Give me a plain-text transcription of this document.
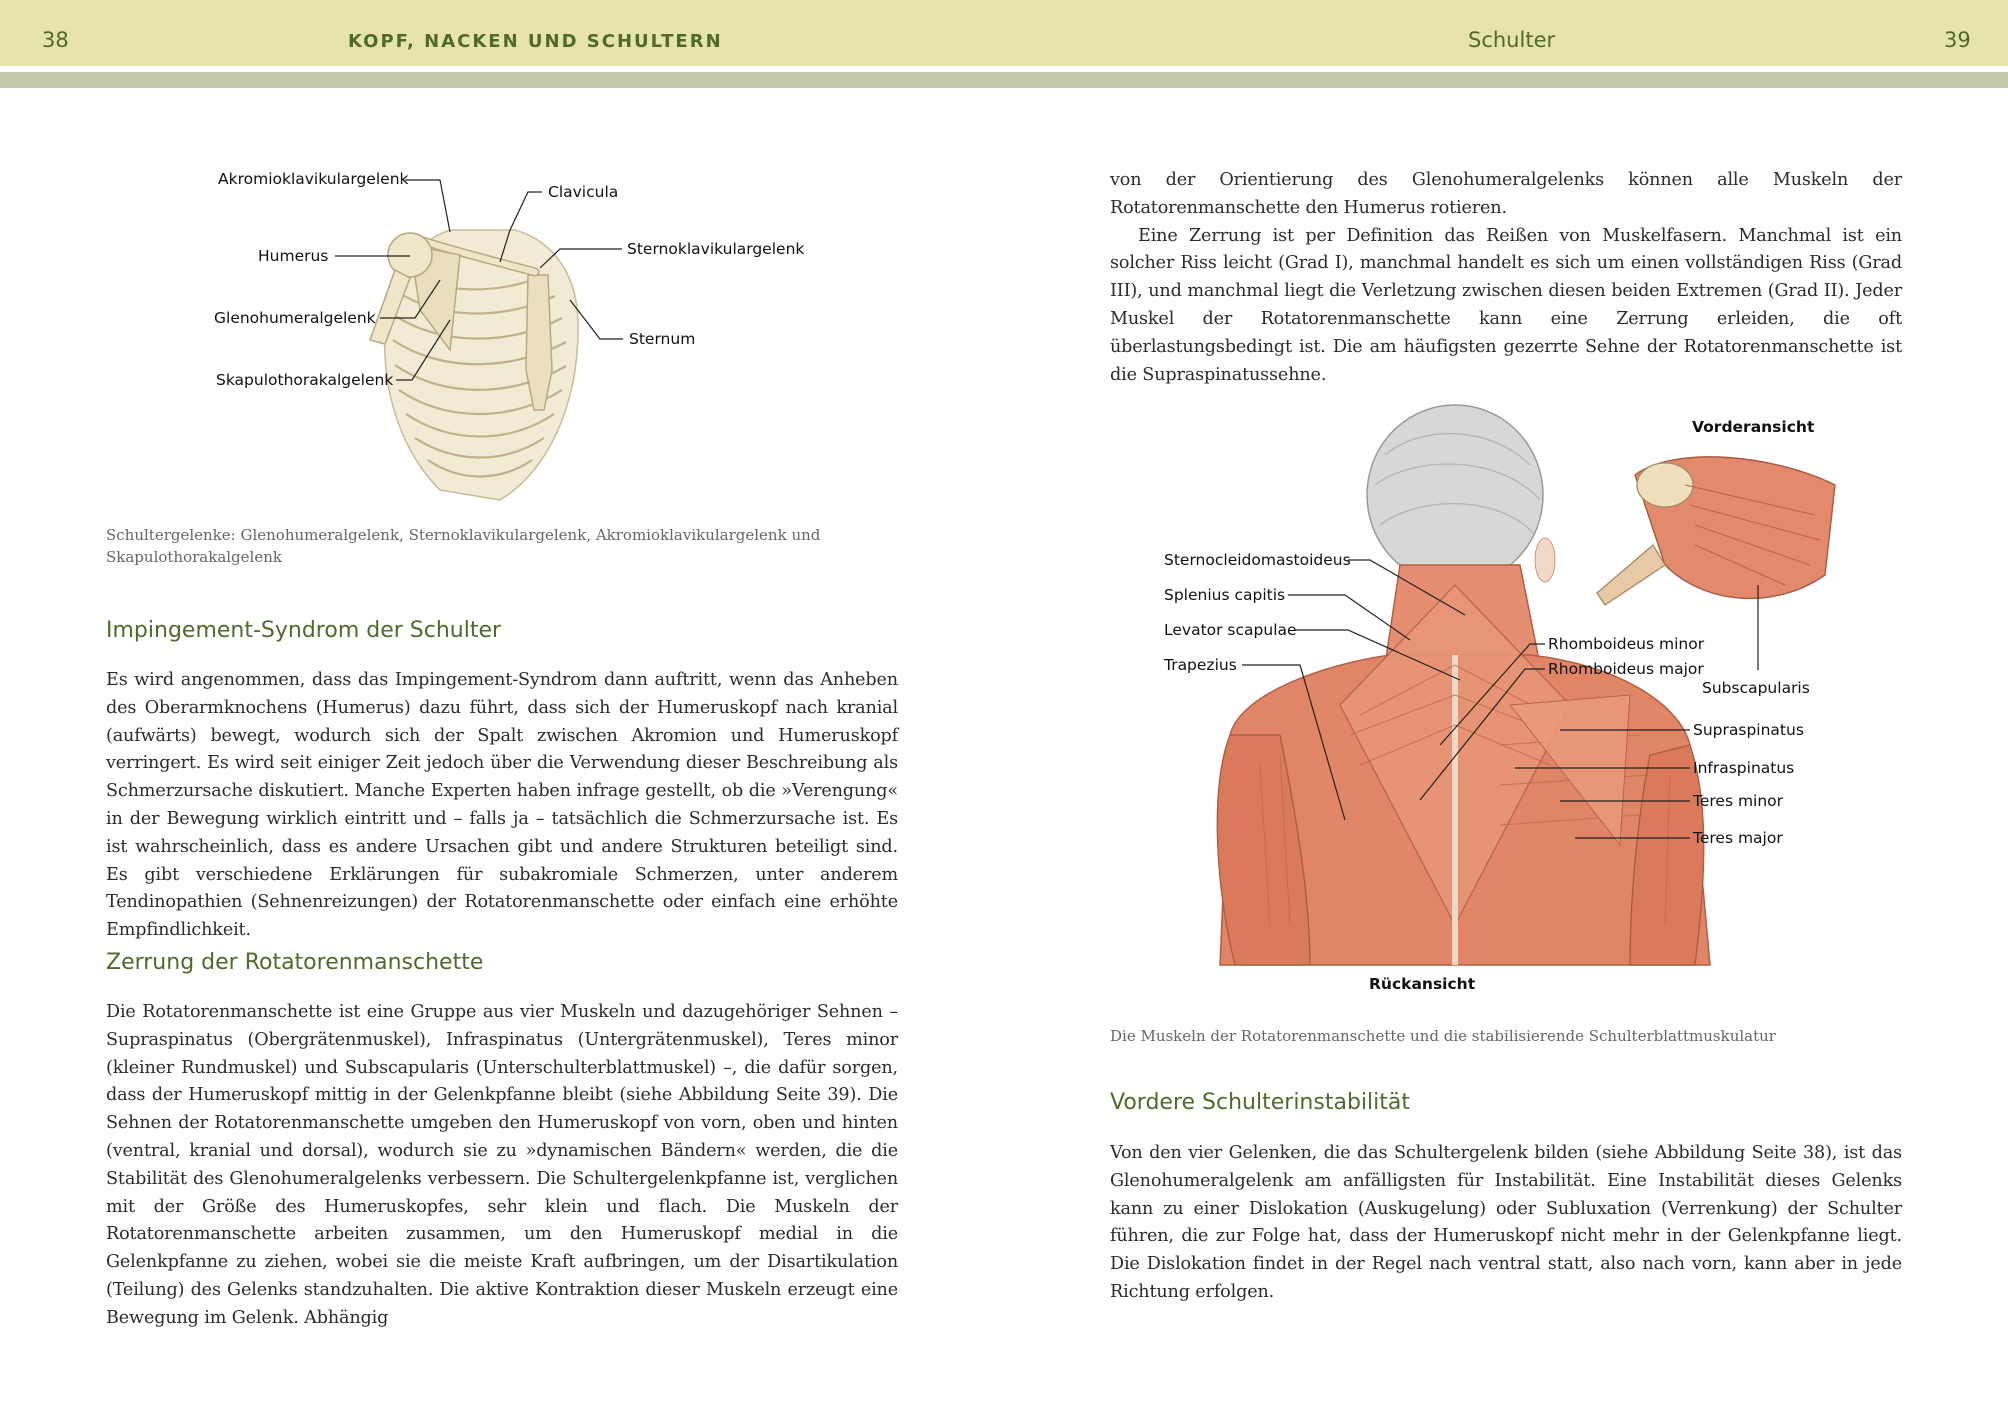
38	KOPF, NACKEN UND SCHULTERN	Schulter	39
Akromioklavikulargelenk
Clavicula
Humerus	Sternoklavikulargelenk
Glenohumeralgelenk
Sternum
Skapulothorakalgelenk
Schultergelenke: Glenohumeralgelenk, Sternoklavikulargelenk, Akromioklavikulargelenk und Skapulothorakalgelenk
Impingement-Syndrom der Schulter

Es wird angenommen, dass das Impingement-Syndrom dann auftritt, wenn das Anheben des Oberarmknochens (Humerus) dazu führt, dass sich der Humeruskopf nach kranial (aufwärts) bewegt, wodurch sich der Spalt zwischen Akromion und Humeruskopf verringert. Es wird seit einiger Zeit jedoch über die Verwendung dieser Beschreibung als Schmerzursache diskutiert. Manche Experten haben infrage gestellt, ob die »Verengung« in der Bewegung wirklich eintritt und – falls ja – tatsächlich die Schmerzursache ist. Es ist wahrscheinlich, dass es andere Ursachen gibt und andere Strukturen beteiligt sind. Es gibt verschiedene Erklärungen für subakromiale Schmerzen, unter anderem Tendinopathien (Sehnenreizungen) der Rotatorenmanschette oder einfach eine erhöhte Empfindlichkeit.

Zerrung der Rotatorenmanschette

Die Rotatorenmanschette ist eine Gruppe aus vier Muskeln und dazugehöriger Sehnen – Supraspinatus (Obergrätenmuskel), Infraspinatus (Untergrätenmuskel), Teres minor (kleiner Rundmuskel) und Subscapularis (Unterschulterblattmuskel) –, die dafür sorgen, dass der Humeruskopf mittig in der Gelenkpfanne bleibt (siehe Abbildung Seite 39). Die Sehnen der Rotatorenmanschette umgeben den Humeruskopf von vorn, oben und hinten (ventral, kranial und dorsal), wodurch sie zu »dynamischen Bändern« werden, die die Stabilität des Glenohumeralgelenks verbessern. Die Schultergelenkpfanne ist, verglichen mit der Größe des Humeruskopfes, sehr klein und flach. Die Muskeln der Rotatorenmanschette arbeiten zusammen, um den Humeruskopf medial in die Gelenkpfanne zu ziehen, wobei sie die meiste Kraft aufbringen, um der Disartikulation (Teilung) des Gelenks standzuhalten. Die aktive Kontraktion dieser Muskeln erzeugt eine Bewegung im Gelenk. Abhängig

von der Orientierung des Glenohumeralgelenks können alle Muskeln der Rotatorenmanschette den Humerus rotieren.

Eine Zerrung ist per Definition das Reißen von Muskelfasern. Manchmal ist ein solcher Riss leicht (Grad I), manchmal handelt es sich um einen vollständigen Riss (Grad III), und manchmal liegt die Verletzung zwischen diesen beiden Extremen (Grad II). Jeder Muskel der Rotatorenmanschette kann eine Zerrung erleiden, die oft überlastungsbedingt ist. Die am häufigsten gezerrte Sehne der Rotatorenmanschette ist die Supraspinatussehne.

Vorderansicht
Sternocleidomastoideus
Splenius capitis
Levator scapulae
Trapezius
Rhomboideus minor
Rhomboideus major
Subscapularis
Supraspinatus
Infraspinatus
Teres minor
Teres major
Rückansicht
Die Muskeln der Rotatorenmanschette und die stabilisierende Schulterblattmuskulatur
Vordere Schulterinstabilität

Von den vier Gelenken, die das Schultergelenk bilden (siehe Abbildung Seite 38), ist das Glenohumeralgelenk am anfälligsten für Instabilität. Eine Instabilität dieses Gelenks kann zu einer Dislokation (Auskugelung) oder Subluxation (Verrenkung) der Schulter führen, die zur Folge hat, dass der Humeruskopf nicht mehr in der Gelenkpfanne liegt. Die Dislokation findet in der Regel nach ventral statt, also nach vorn, kann aber in jede Richtung erfolgen.
